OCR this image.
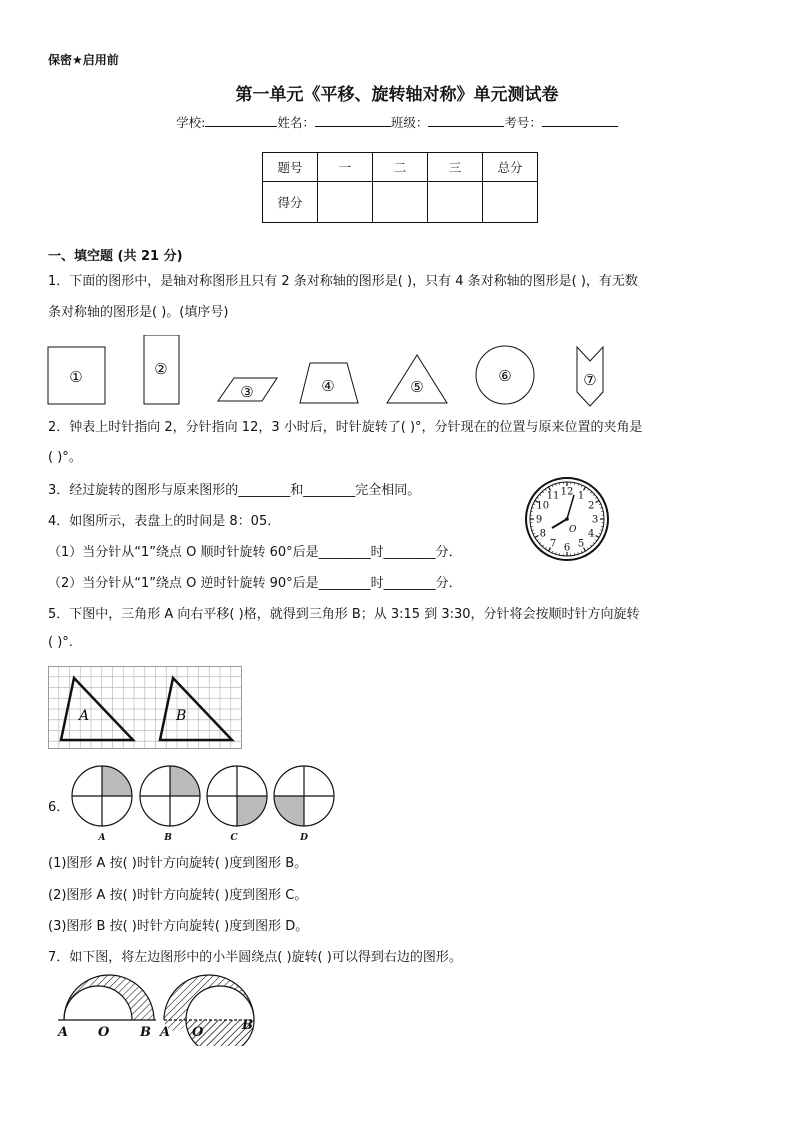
保密★启用前
第一单元《平移、旋转轴对称》单元测试卷
学校:	姓名：	班级：	考号：
题号	一	二	三	总分
得分				
一、填空题 (共 21 分)
1．下面的图形中，是轴对称图形且只有 2 条对称轴的图形是( )，只有 4 条对称轴的图形是( )，有无数
条对称轴的图形是( )。(填序号)
①	②
③	④	⑤
⑥	⑦
2．钟表上时针指向 2，分针指向 12，3 小时后，时针旋转了( )°，分针现在的位置与原来位置的夹角是
( )°。
3．经过旋转的图形与原来图形的________和________完全相同。
4．如图所示，表盘上的时间是 8：05．
（1）当分针从“1”绕点 O 顺时针旋转 60°后是________时________分．
（2）当分针从“1”绕点 O 逆时针旋转 90°后是________时________分．
12 1
2
3
4
5
6
7
8
9
10
11
O
5．下图中，三角形 A 向右平移( )格，就得到三角形 B；从 3:15 到 3:30，分针将会按顺时针方向旋转
( )°.
A	B
6．
A	B	C	D
(1)图形 A 按( )时针方向旋转( )度到图形 B。
(2)图形 A 按( )时针方向旋转( )度到图形 C。
(3)图形 B 按( )时针方向旋转( )度到图形 D。
7．如下图，将左边图形中的小半圆绕点( )旋转( )可以得到右边的图形。
A O B A O	B
